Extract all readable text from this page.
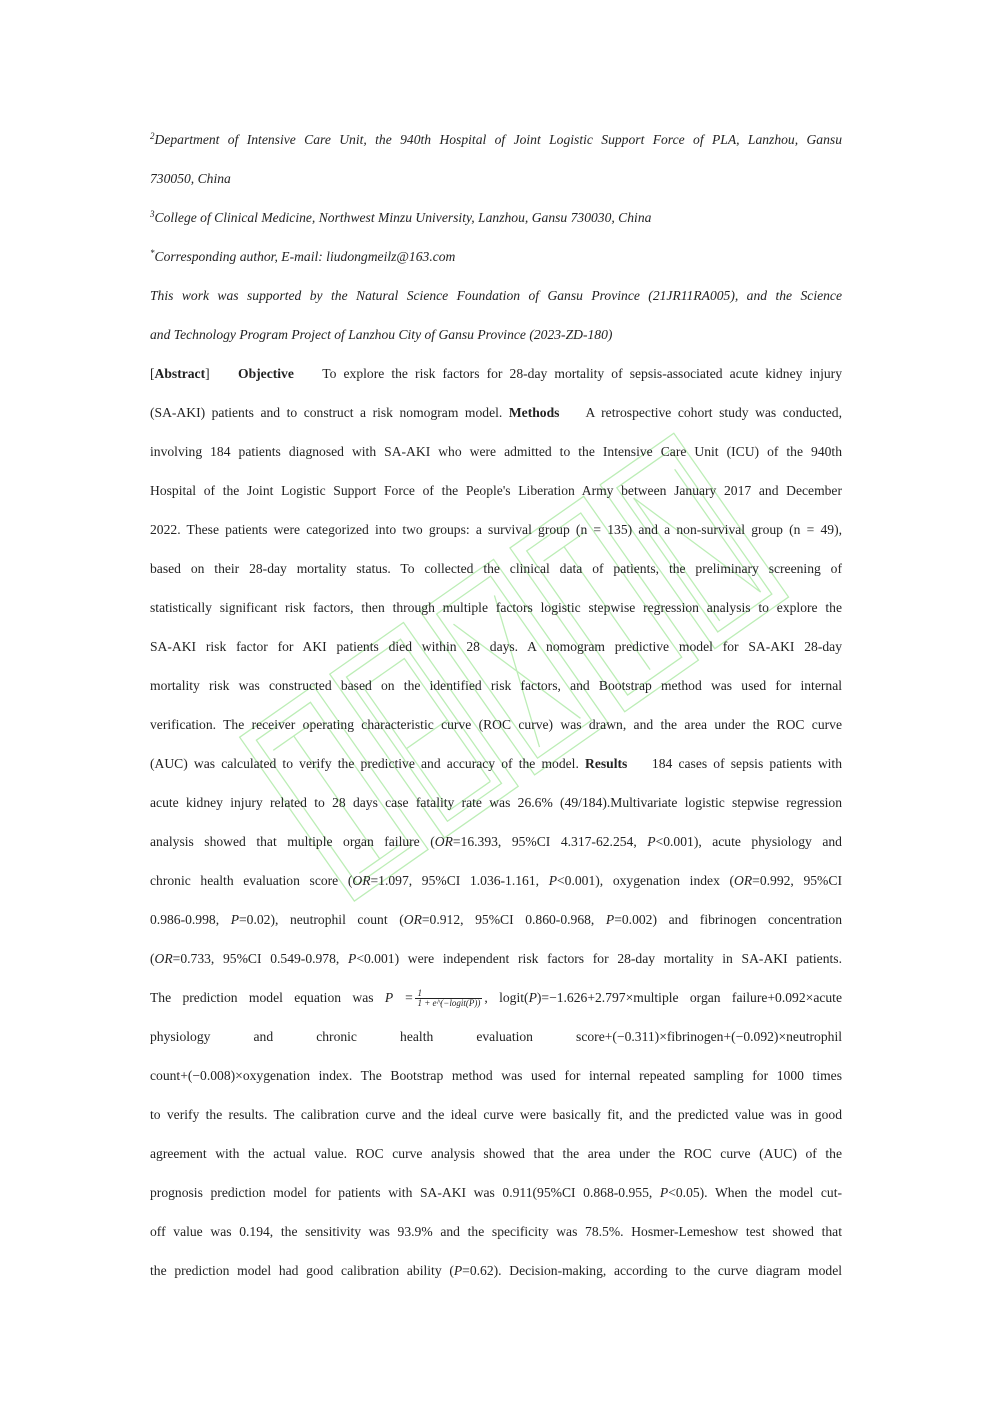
$^2$Department of Intensive Care Unit, the 940th Hospital of Joint Logistic Support Force of PLA, Lanzhou, Gansu
730050, China
$^3$College of Clinical Medicine, Northwest Minzu University, Lanzhou, Gansu 730030, China
*Corresponding author, E-mail: liudongmeilz@163.com
This work was supported by the Natural Science Foundation of Gansu Province (21JR11RA005), and the Science
and Technology Program Project of Lanzhou City of Gansu Province (2023-ZD-180)
[Abstract] Objective To explore the risk factors for 28-day mortality of sepsis-associated acute kidney injury
(SA-AKI) patients and to construct a risk nomogram model. Methods A retrospective cohort study was conducted,
involving 184 patients diagnosed with SA-AKI who were admitted to the Intensive Care Unit (ICU) of the 940th
Hospital of the Joint Logistic Support Force of the People's Liberation Army between January 2017 and December
2022. These patients were categorized into two groups: a survival group (n = 135) and a non-survival group (n = 49),
based on their 28-day mortality status. To collected the clinical data of patients, the preliminary screening of
statistically significant risk factors, then through multiple factors logistic stepwise regression analysis to explore the
SA-AKI risk factor for AKI patients died within 28 days. A nomogram predictive model for SA-AKI 28-day
mortality risk was constructed based on the identified risk factors, and Bootstrap method was used for internal
verification. The receiver operating characteristic curve (ROC curve) was drawn, and the area under the ROC curve
(AUC) was calculated to verify the predictive and accuracy of the model. Results 184 cases of sepsis patients with
acute kidney injury related to 28 days case fatality rate was 26.6% (49/184).Multivariate logistic stepwise regression
analysis showed that multiple organ failure (OR=16.393, 95%CI 4.317-62.254, P<0.001), acute physiology and
chronic health evaluation score (OR=1.097, 95%CI 1.036-1.161, P<0.001), oxygenation index (OR=0.992, 95%CI
0.986-0.998, P=0.02), neutrophil count (OR=0.912, 95%CI 0.860-0.968, P=0.002) and fibrinogen concentration
(OR=0.733, 95%CI 0.549-0.978, P<0.001) were independent risk factors for 28-day mortality in SA-AKI patients.
The prediction model equation was $P = \frac{1}{\text{1 + e\textasciicircum{}(−logit(P))}}$ , logit(P)=−1.626+2.797×multiple organ failure+0.092×acute
physiology and chronic health evaluation score+(−0.311)×fibrinogen+(−0.092)×neutrophil
count+(−0.008)×oxygenation index. The Bootstrap method was used for internal repeated sampling for 1000 times
to verify the results. The calibration curve and the ideal curve were basically fit, and the predicted value was in good
agreement with the actual value. ROC curve analysis showed that the area under the ROC curve (AUC) of the
prognosis prediction model for patients with SA-AKI was 0.911(95%CI 0.868-0.955, P<0.05). When the model cut-
off value was 0.194, the sensitivity was 93.9% and the specificity was 78.5%. Hosmer-Lemeshow test showed that
the prediction model had good calibration ability (P=0.62). Decision-making, according to the curve diagram model
